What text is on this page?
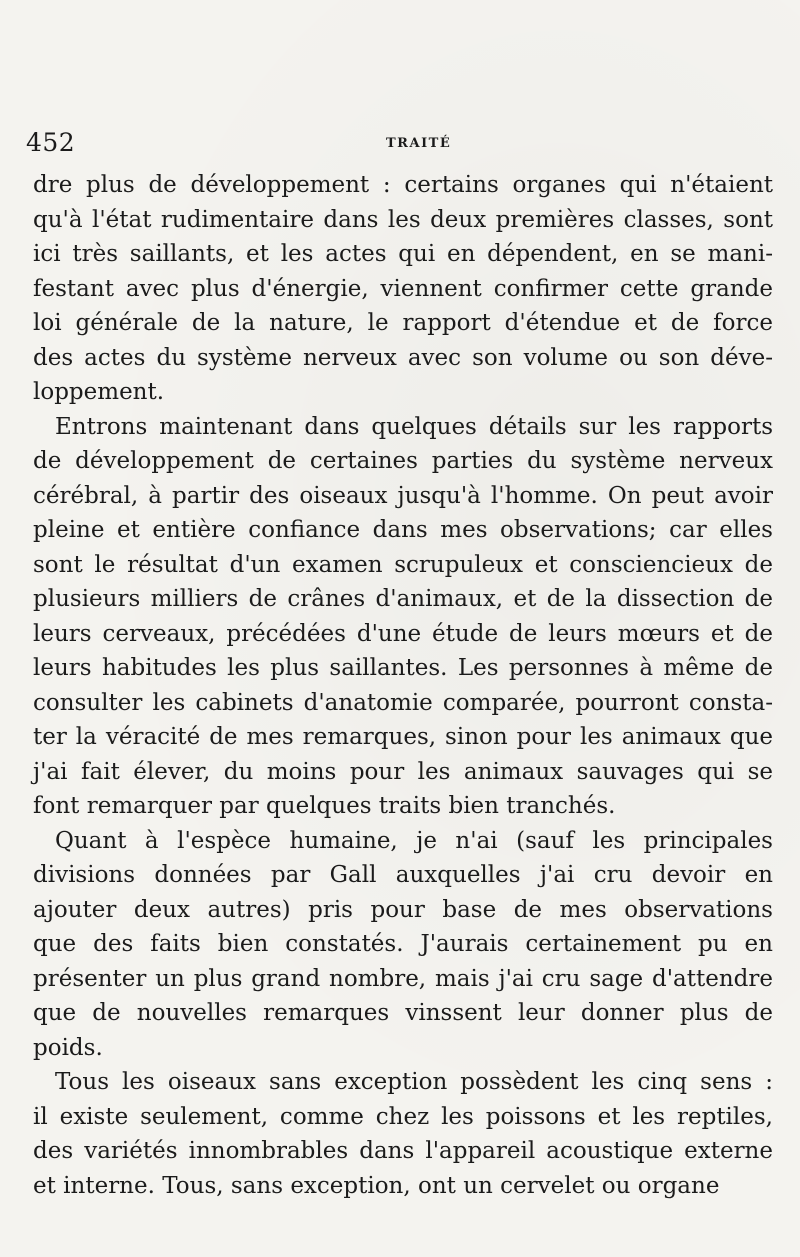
452	TRAITÉ
dre plus de développement : certains organes qui n'étaient
qu'à l'état rudimentaire dans les deux premières classes, sont
ici très saillants, et les actes qui en dépendent, en se mani-
festant avec plus d'énergie, viennent confirmer cette grande
loi générale de la nature, le rapport d'étendue et de force
des actes du système nerveux avec son volume ou son déve-
loppement.
Entrons maintenant dans quelques détails sur les rapports
de développement de certaines parties du système nerveux
cérébral, à partir des oiseaux jusqu'à l'homme. On peut avoir
pleine et entière confiance dans mes observations; car elles
sont le résultat d'un examen scrupuleux et consciencieux de
plusieurs milliers de crânes d'animaux, et de la dissection de
leurs cerveaux, précédées d'une étude de leurs mœurs et de
leurs habitudes les plus saillantes. Les personnes à même de
consulter les cabinets d'anatomie comparée, pourront consta-
ter la véracité de mes remarques, sinon pour les animaux que
j'ai fait élever, du moins pour les animaux sauvages qui se
font remarquer par quelques traits bien tranchés.
Quant à l'espèce humaine, je n'ai (sauf les principales
divisions données par Gall auxquelles j'ai cru devoir en
ajouter deux autres) pris pour base de mes observations
que des faits bien constatés. J'aurais certainement pu en
présenter un plus grand nombre, mais j'ai cru sage d'attendre
que de nouvelles remarques vinssent leur donner plus de
poids.
Tous les oiseaux sans exception possèdent les cinq sens :
il existe seulement, comme chez les poissons et les reptiles,
des variétés innombrables dans l'appareil acoustique externe
et interne. Tous, sans exception, ont un cervelet ou organe
